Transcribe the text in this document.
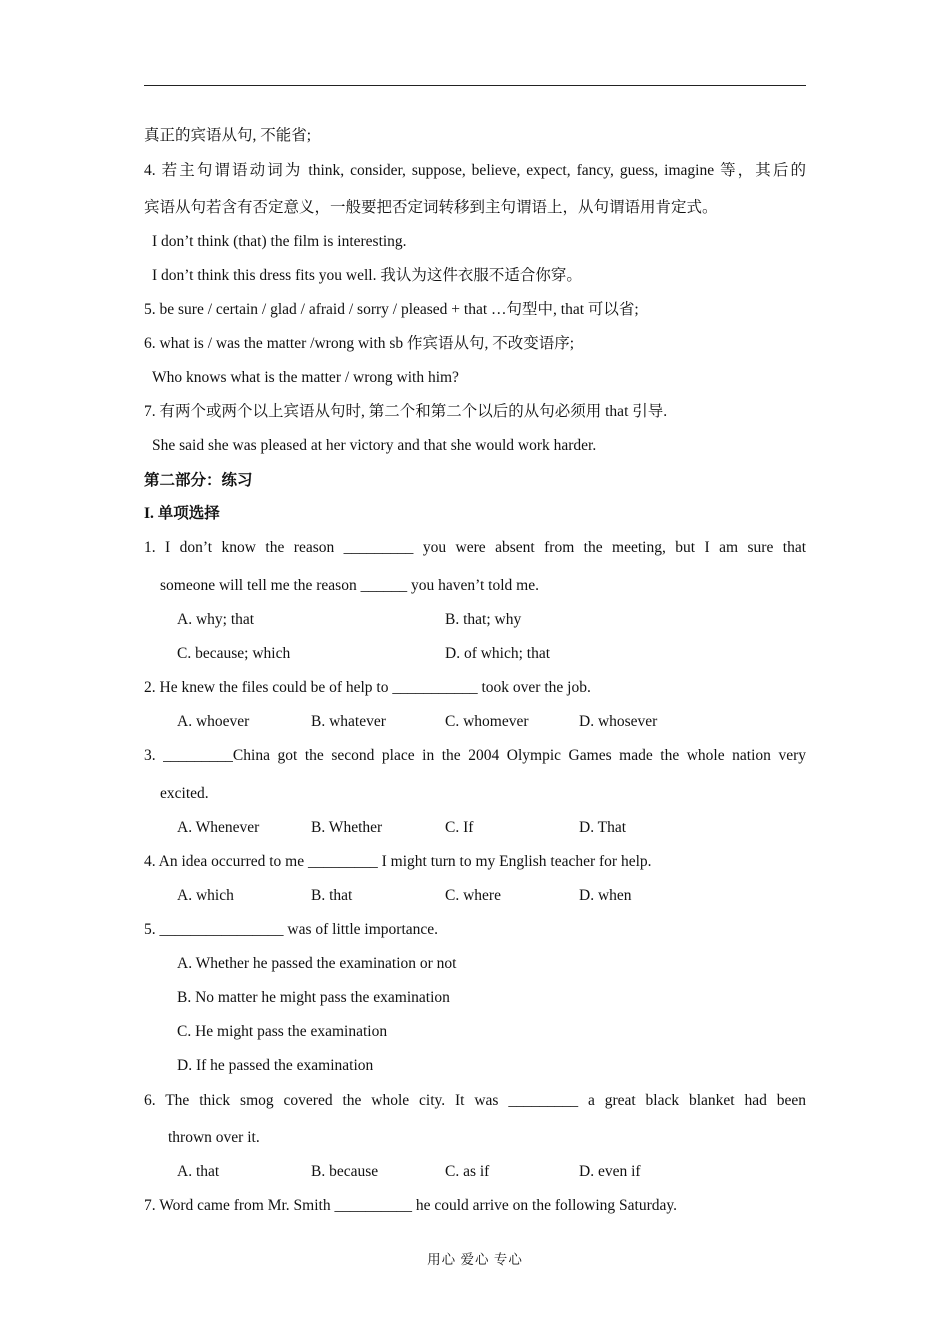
真正的宾语从句, 不能省;
4. 若主句谓语动词为 think, consider, suppose, believe, expect, fancy, guess, imagine 等，其后的
宾语从句若含有否定意义，一般要把否定词转移到主句谓语上，从句谓语用肯定式。
I don’t think (that) the film is interesting.
I don’t think this dress fits you well. 我认为这件衣服不适合你穿。
5. be sure / certain / glad / afraid / sorry / pleased + that …句型中, that 可以省;
6. what is / was the matter /wrong with sb 作宾语从句, 不改变语序;
Who knows what is the matter / wrong with him?
7. 有两个或两个以上宾语从句时, 第二个和第二个以后的从句必须用 that 引导.
She said she was pleased at her victory and that she would work harder.
第二部分：练习
I. 单项选择
1. I don’t know the reason _________ you were absent from the meeting, but I am sure that
someone will tell me the reason ______ you haven’t told me.
A. why; that	B. that; why
C. because; which	D. of which; that
2. He knew the files could be of help to ___________ took over the job.
A. whoever	B. whatever	C. whomever	D. whosever
3. _________China got the second place in the 2004 Olympic Games made the whole nation very
excited.
A. Whenever	B. Whether	C. If	D. That
4. An idea occurred to me _________ I might turn to my English teacher for help.
A. which	B. that	C. where	D. when
5. ________________ was of little importance.
A. Whether he passed the examination or not
B. No matter he might pass the examination
C. He might pass the examination
D. If he passed the examination
6. The thick smog covered the whole city. It was _________ a great black blanket had been
thrown over it.
A. that	B. because	C. as if	D. even if
7. Word came from Mr. Smith __________ he could arrive on the following Saturday.
用心 爱心 专心
